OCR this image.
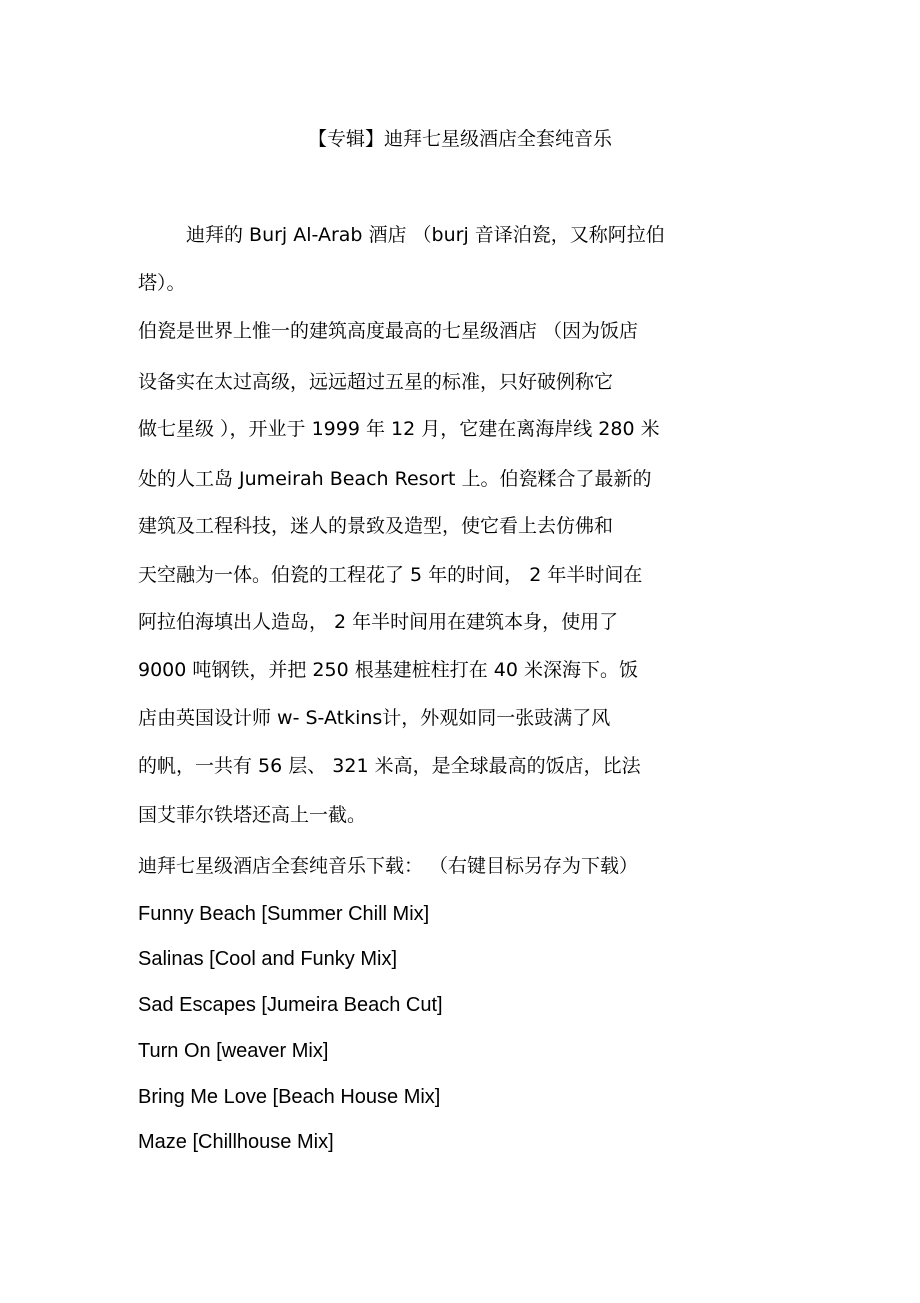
【专辑】迪拜七星级酒店全套纯音乐
迪拜的 Burj Al-Arab 酒店 （burj 音译泊瓷，又称阿拉伯
塔）。
伯瓷是世界上惟一的建筑高度最高的七星级酒店 （因为饭店
设备实在太过高级，远远超过五星的标准，只好破例称它
做七星级 ），开业于 1999 年 12 月，它建在离海岸线 280 米
处的人工岛 Jumeirah Beach Resort 上。伯瓷糅合了最新的
建筑及工程科技，迷人的景致及造型，使它看上去仿佛和
天空融为一体。伯瓷的工程花了 5 年的时间， 2 年半时间在
阿拉伯海填出人造岛， 2 年半时间用在建筑本身，使用了
9000 吨钢铁，并把 250 根基建桩柱打在 40 米深海下。饭
店由英国设计师 w- S-Atkins计，外观如同一张豉满了风
的帆，一共有 56 层、 321 米高，是全球最高的饭店，比法
国艾菲尔铁塔还高上一截。
迪拜七星级酒店全套纯音乐下载： （右键目标另存为下载）
Funny Beach [Summer Chill Mix]
Salinas [Cool and Funky Mix]
Sad Escapes [Jumeira Beach Cut]
Turn On [weaver Mix]
Bring Me Love [Beach House Mix]
Maze [Chillhouse Mix]
